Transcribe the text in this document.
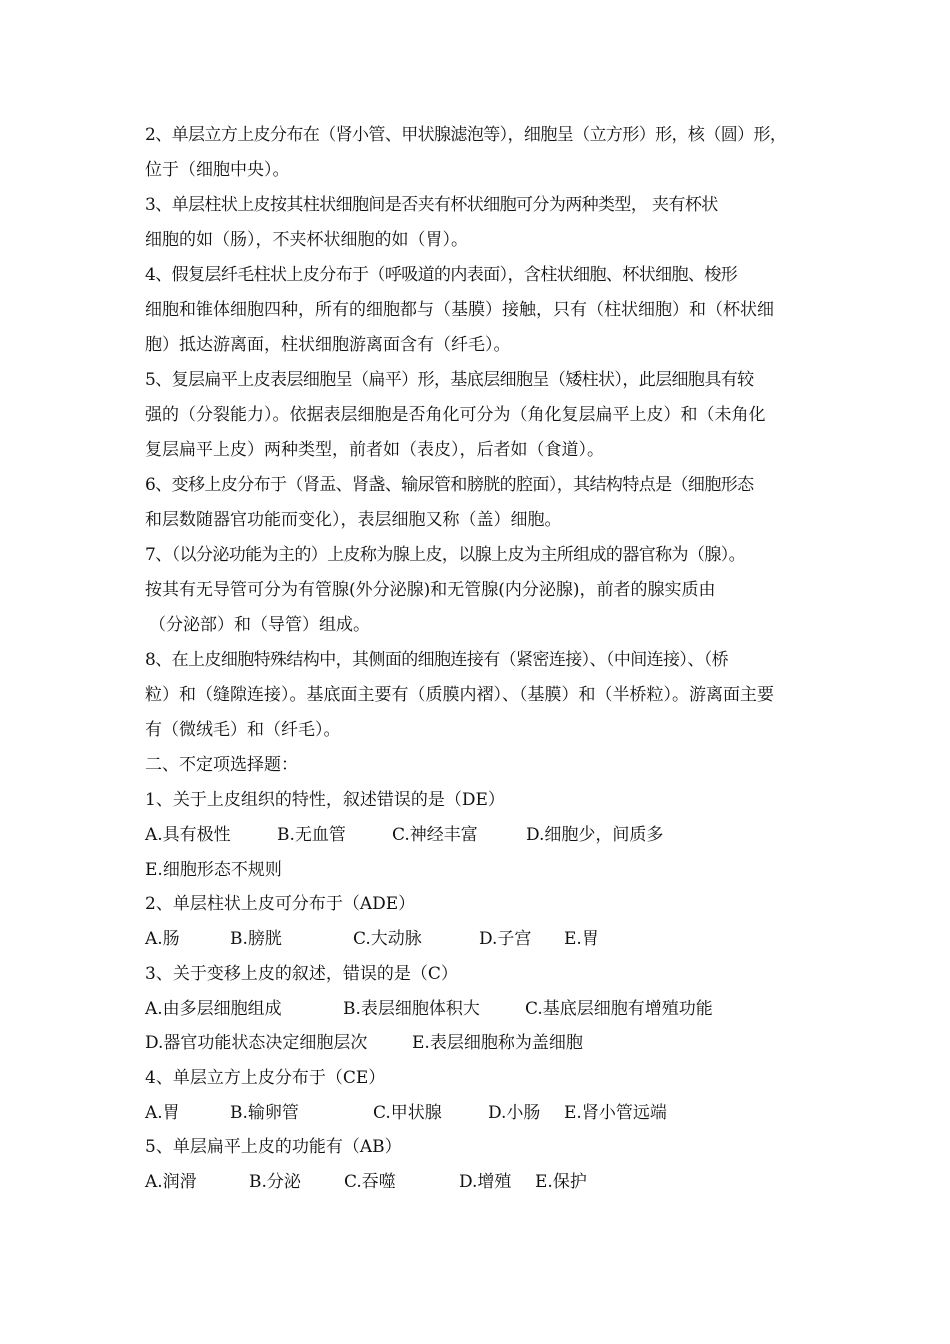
2、单层立方上皮分布在（肾小管、甲状腺滤泡等），细胞呈（立方形）形，核（圆）形，
位于（细胞中央）。
3、单层柱状上皮按其柱状细胞间是否夹有杯状细胞可分为两种类型， 夹有杯状
细胞的如（肠），不夹杯状细胞的如（胃）。
4、假复层纤毛柱状上皮分布于（呼吸道的内表面），含柱状细胞、杯状细胞、梭形
细胞和锥体细胞四种，所有的细胞都与（基膜）接触，只有（柱状细胞）和（杯状细
胞）抵达游离面，柱状细胞游离面含有（纤毛）。
5、复层扁平上皮表层细胞呈（扁平）形，基底层细胞呈（矮柱状），此层细胞具有较
强的（分裂能力）。依据表层细胞是否角化可分为（角化复层扁平上皮）和（未角化
复层扁平上皮）两种类型，前者如（表皮），后者如（食道）。
6、变移上皮分布于（肾盂、肾盏、输尿管和膀胱的腔面），其结构特点是（细胞形态
和层数随器官功能而变化），表层细胞又称（盖）细胞。
7、（以分泌功能为主的）上皮称为腺上皮，以腺上皮为主所组成的器官称为（腺）。
按其有无导管可分为有管腺(外分泌腺)和无管腺(内分泌腺)，前者的腺实质由
（分泌部）和（导管）组成。
8、在上皮细胞特殊结构中，其侧面的细胞连接有（紧密连接）、（中间连接）、（桥
粒）和（缝隙连接）。基底面主要有（质膜内褶）、（基膜）和（半桥粒）。游离面主要
有（微绒毛）和（纤毛）。
二、不定项选择题：
1、关于上皮组织的特性，叙述错误的是（DE）
A.具有极性	B.无血管	C.神经丰富	D.细胞少，间质多
E.细胞形态不规则
2、单层柱状上皮可分布于（ADE）
A.肠	B.膀胱	C.大动脉	D.子宫 E.胃
3、关于变移上皮的叙述，错误的是（C）
A.由多层细胞组成	B.表层细胞体积大	C.基底层细胞有增殖功能
D.器官功能状态决定细胞层次	E.表层细胞称为盖细胞
4、单层立方上皮分布于（CE）
A.胃	B.输卵管	C.甲状腺	D.小肠 E.肾小管远端
5、单层扁平上皮的功能有（AB）
A.润滑	B.分泌	C.吞噬	D.增殖 E.保护
